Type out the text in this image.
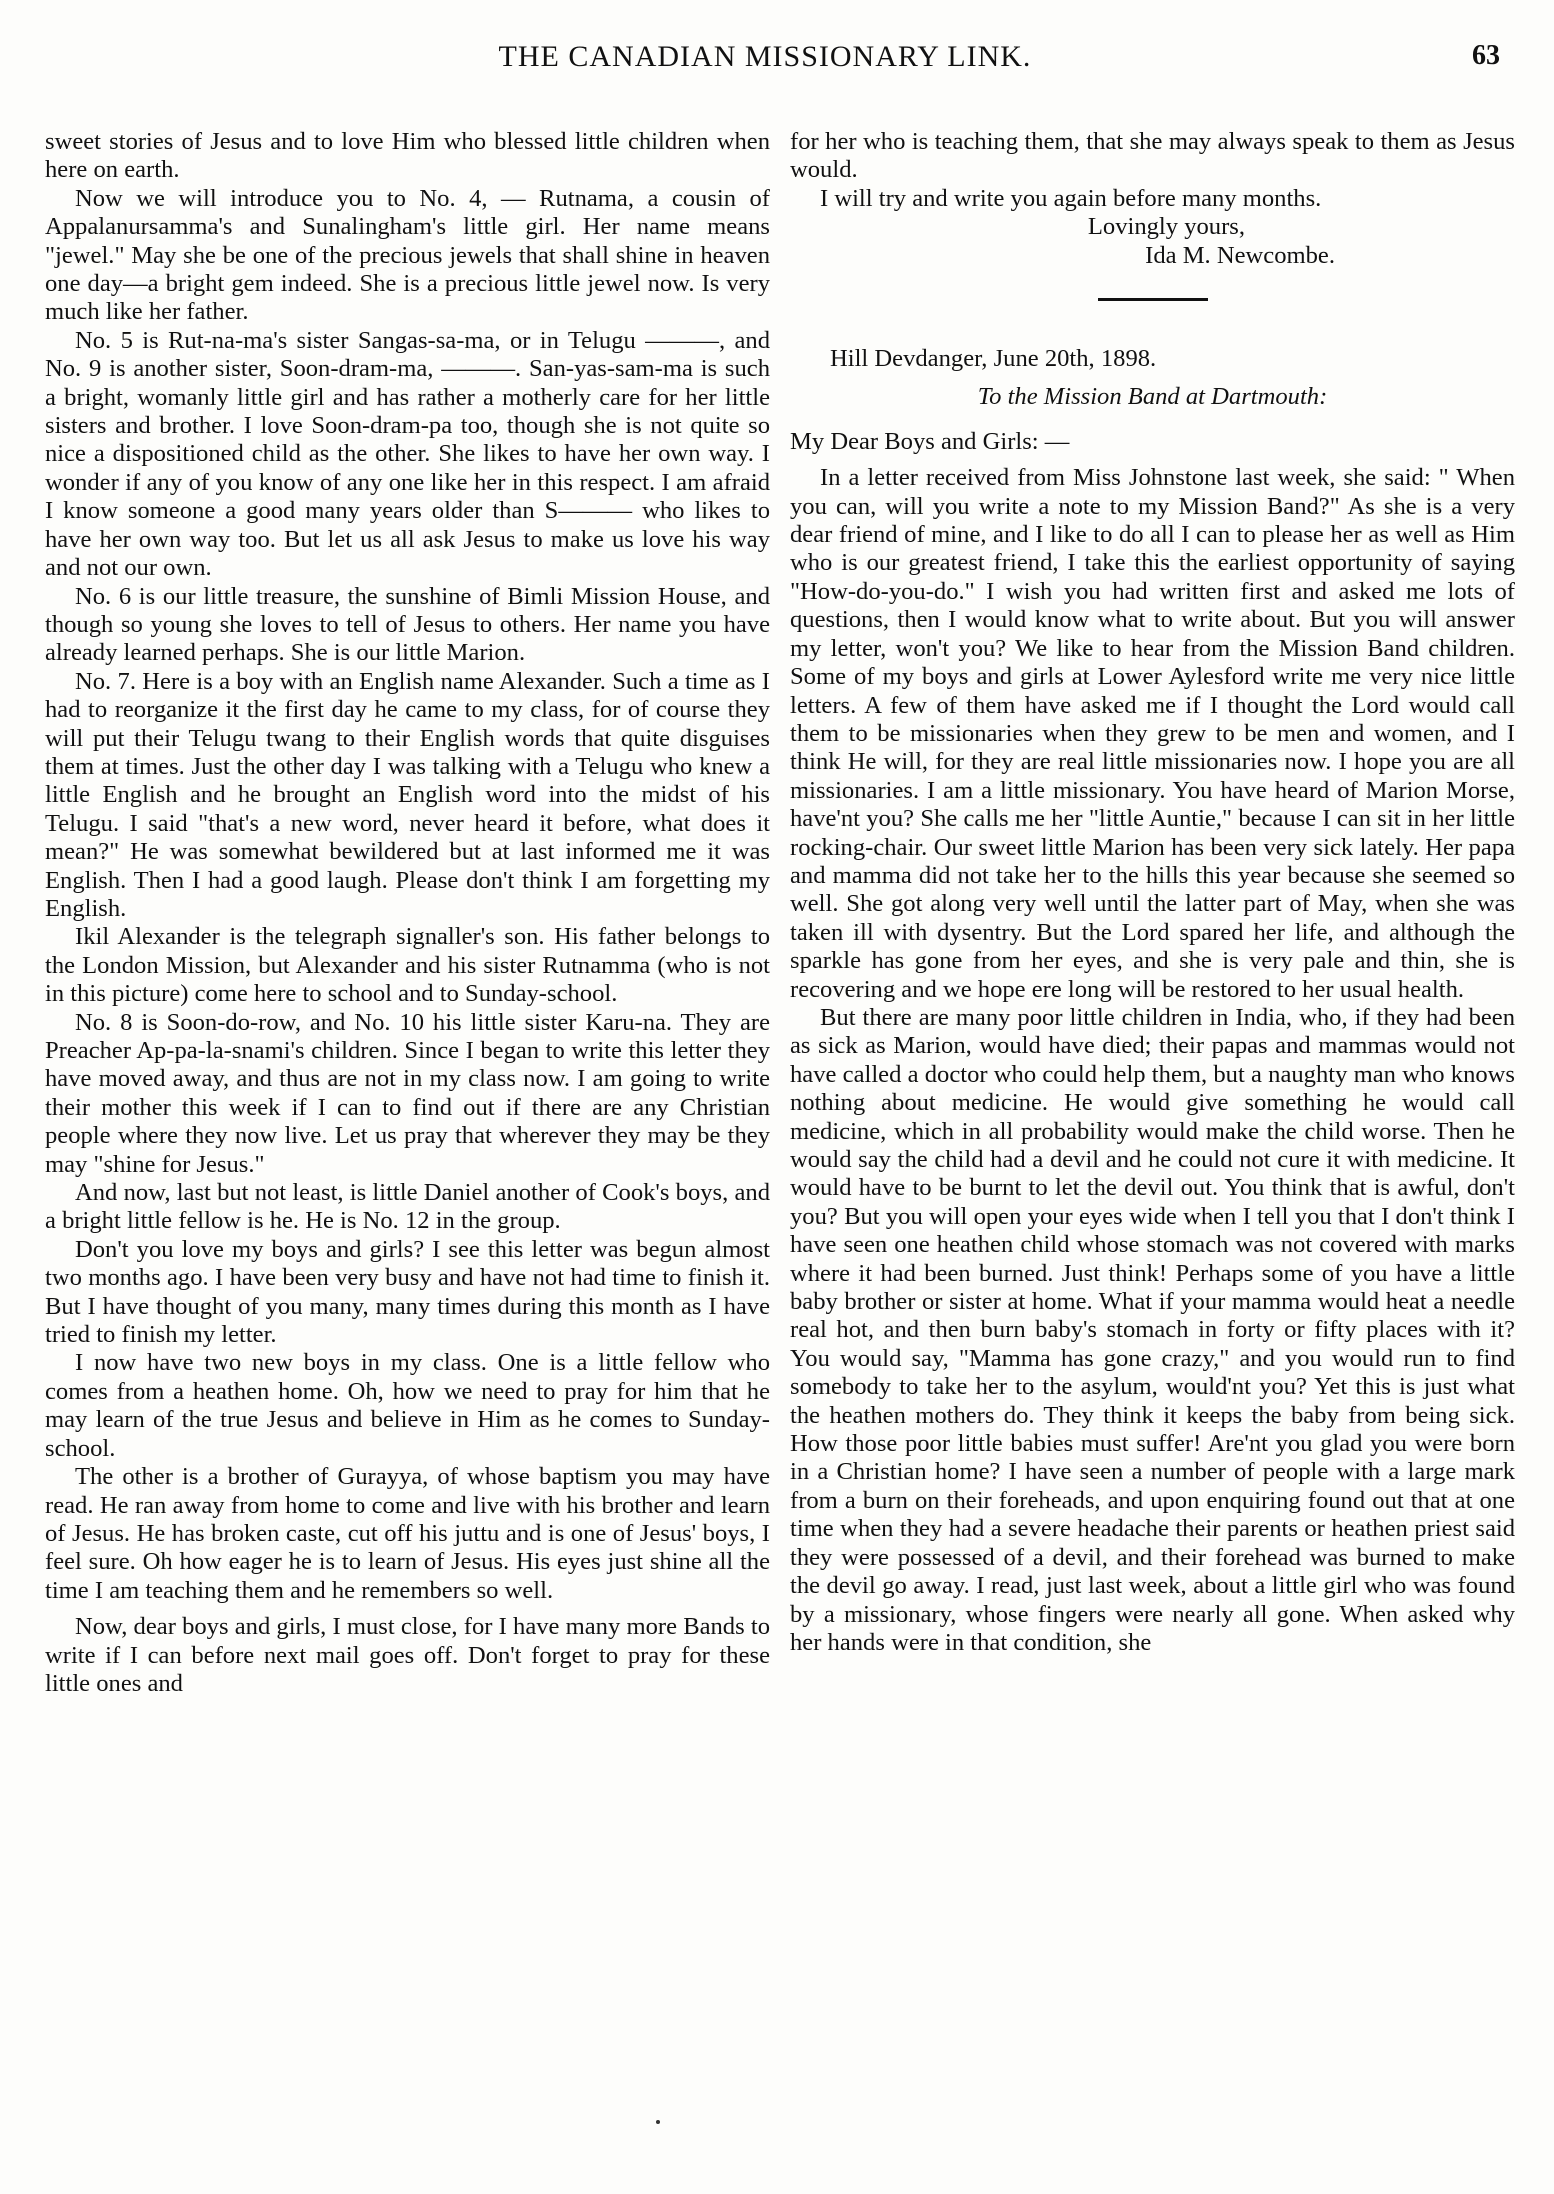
THE CANADIAN MISSIONARY LINK.	63

sweet stories of Jesus and to love Him who blessed little children when here on earth.

Now we will introduce you to No. 4, — Rutnama, a cousin of Appalanursamma's and Sunalingham's little girl. Her name means "jewel." May she be one of the precious jewels that shall shine in heaven one day—a bright gem indeed. She is a precious little jewel now. Is very much like her father.

No. 5 is Rut-na-ma's sister Sangas-sa-ma, or in Telugu ———, and No. 9 is another sister, Soon-dram-ma, ———. San-yas-sam-ma is such a bright, womanly little girl and has rather a motherly care for her little sisters and brother. I love Soon-dram-pa too, though she is not quite so nice a dispositioned child as the other. She likes to have her own way. I wonder if any of you know of any one like her in this respect. I am afraid I know someone a good many years older than S——— who likes to have her own way too. But let us all ask Jesus to make us love his way and not our own.

No. 6 is our little treasure, the sunshine of Bimli Mission House, and though so young she loves to tell of Jesus to others. Her name you have already learned perhaps. She is our little Marion.

No. 7. Here is a boy with an English name Alexander. Such a time as I had to reorganize it the first day he came to my class, for of course they will put their Telugu twang to their English words that quite disguises them at times. Just the other day I was talking with a Telugu who knew a little English and he brought an English word into the midst of his Telugu. I said "that's a new word, never heard it before, what does it mean?" He was somewhat bewildered but at last informed me it was English. Then I had a good laugh. Please don't think I am forgetting my English.

Ikil Alexander is the telegraph signaller's son. His father belongs to the London Mission, but Alexander and his sister Rutnamma (who is not in this picture) come here to school and to Sunday-school.

No. 8 is Soon-do-row, and No. 10 his little sister Karu-na. They are Preacher Ap-pa-la-snami's children. Since I began to write this letter they have moved away, and thus are not in my class now. I am going to write their mother this week if I can to find out if there are any Christian people where they now live. Let us pray that wherever they may be they may "shine for Jesus."

And now, last but not least, is little Daniel another of Cook's boys, and a bright little fellow is he. He is No. 12 in the group.

Don't you love my boys and girls? I see this letter was begun almost two months ago. I have been very busy and have not had time to finish it. But I have thought of you many, many times during this month as I have tried to finish my letter.

I now have two new boys in my class. One is a little fellow who comes from a heathen home. Oh, how we need to pray for him that he may learn of the true Jesus and believe in Him as he comes to Sunday-school.

The other is a brother of Gurayya, of whose baptism you may have read. He ran away from home to come and live with his brother and learn of Jesus. He has broken caste, cut off his juttu and is one of Jesus' boys, I feel sure. Oh how eager he is to learn of Jesus. His eyes just shine all the time I am teaching them and he remembers so well.

Now, dear boys and girls, I must close, for I have many more Bands to write if I can before next mail goes off. Don't forget to pray for these little ones and

for her who is teaching them, that she may always speak to them as Jesus would.

I will try and write you again before many months.

Lovingly yours,

Ida M. Newcombe.

Hill Devdanger, June 20th, 1898.

To the Mission Band at Dartmouth:

My Dear Boys and Girls: —

In a letter received from Miss Johnstone last week, she said: " When you can, will you write a note to my Mission Band?" As she is a very dear friend of mine, and I like to do all I can to please her as well as Him who is our greatest friend, I take this the earliest opportunity of saying "How-do-you-do." I wish you had written first and asked me lots of questions, then I would know what to write about. But you will answer my letter, won't you? We like to hear from the Mission Band children. Some of my boys and girls at Lower Aylesford write me very nice little letters. A few of them have asked me if I thought the Lord would call them to be missionaries when they grew to be men and women, and I think He will, for they are real little missionaries now. I hope you are all missionaries. I am a little missionary. You have heard of Marion Morse, have'nt you? She calls me her "little Auntie," because I can sit in her little rocking-chair. Our sweet little Marion has been very sick lately. Her papa and mamma did not take her to the hills this year because she seemed so well. She got along very well until the latter part of May, when she was taken ill with dysentry. But the Lord spared her life, and although the sparkle has gone from her eyes, and she is very pale and thin, she is recovering and we hope ere long will be restored to her usual health.

But there are many poor little children in India, who, if they had been as sick as Marion, would have died; their papas and mammas would not have called a doctor who could help them, but a naughty man who knows nothing about medicine. He would give something he would call medicine, which in all probability would make the child worse. Then he would say the child had a devil and he could not cure it with medicine. It would have to be burnt to let the devil out. You think that is awful, don't you? But you will open your eyes wide when I tell you that I don't think I have seen one heathen child whose stomach was not covered with marks where it had been burned. Just think! Perhaps some of you have a little baby brother or sister at home. What if your mamma would heat a needle real hot, and then burn baby's stomach in forty or fifty places with it? You would say, "Mamma has gone crazy," and you would run to find somebody to take her to the asylum, would'nt you? Yet this is just what the heathen mothers do. They think it keeps the baby from being sick. How those poor little babies must suffer! Are'nt you glad you were born in a Christian home? I have seen a number of people with a large mark from a burn on their foreheads, and upon enquiring found out that at one time when they had a severe headache their parents or heathen priest said they were possessed of a devil, and their forehead was burned to make the devil go away. I read, just last week, about a little girl who was found by a missionary, whose fingers were nearly all gone. When asked why her hands were in that condition, she
